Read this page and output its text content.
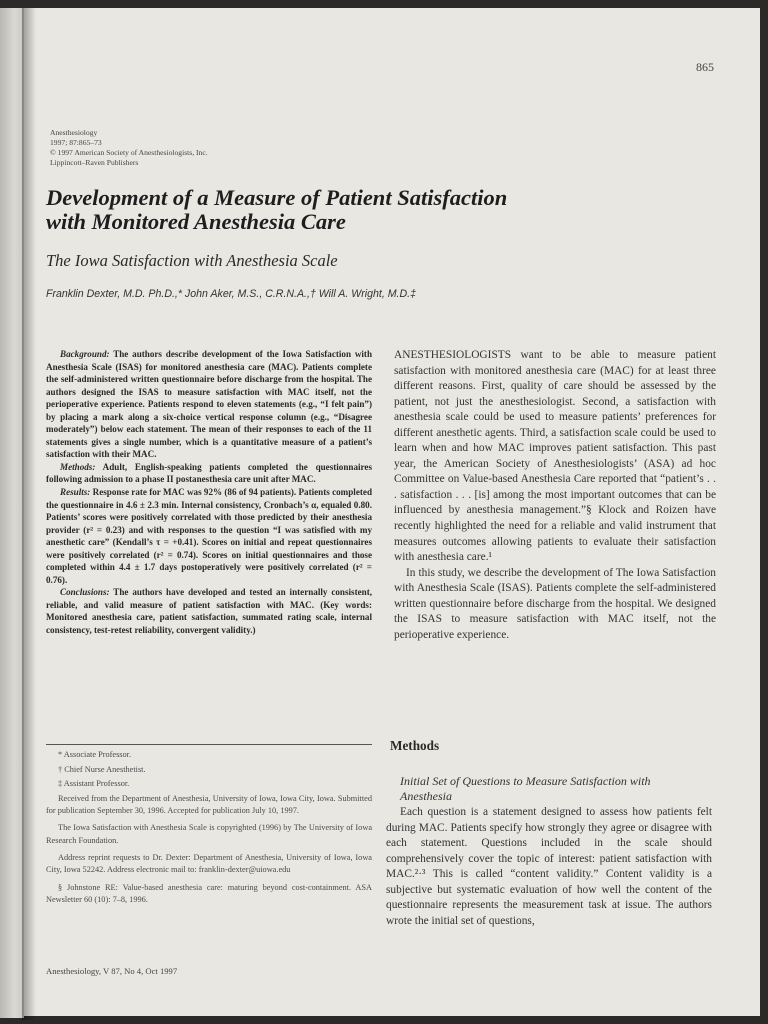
865
Anesthesiology
1997; 87:865–73
© 1997 American Society of Anesthesiologists, Inc.
Lippincott–Raven Publishers
Development of a Measure of Patient Satisfaction
with Monitored Anesthesia Care
The Iowa Satisfaction with Anesthesia Scale
Franklin Dexter, M.D. Ph.D.,* John Aker, M.S., C.R.N.A.,† Will A. Wright, M.D.‡

Background: The authors describe development of the Iowa Satisfaction with Anesthesia Scale (ISAS) for monitored anesthesia care (MAC). Patients complete the self-administered written questionnaire before discharge from the hospital. The authors designed the ISAS to measure satisfaction with MAC itself, not the perioperative experience. Patients respond to eleven statements (e.g., “I felt pain”) by placing a mark along a six-choice vertical response column (e.g., “Disagree moderately”) below each statement. The mean of their responses to each of the 11 statements gives a single number, which is a quantitative measure of a patient’s satisfaction with their MAC.

Methods: Adult, English-speaking patients completed the questionnaires following admission to a phase II postanesthesia care unit after MAC.

Results: Response rate for MAC was 92% (86 of 94 patients). Patients completed the questionnaire in 4.6 ± 2.3 min. Internal consistency, Cronbach’s α, equaled 0.80. Patients’ scores were positively correlated with those predicted by their anesthesia provider (r² = 0.23) and with responses to the question “I was satisfied with my anesthetic care” (Kendall’s τ = +0.41). Scores on initial and repeat questionnaires were positively correlated (r² = 0.74). Scores on initial questionnaires and those completed within 4.4 ± 1.7 days postoperatively were positively correlated (r² = 0.76).

Conclusions: The authors have developed and tested an internally consistent, reliable, and valid measure of patient satisfaction with MAC. (Key words: Monitored anesthesia care, patient satisfaction, summated rating scale, internal consistency, test-retest reliability, convergent validity.)

* Associate Professor.

† Chief Nurse Anesthetist.

‡ Assistant Professor.

Received from the Department of Anesthesia, University of Iowa, Iowa City, Iowa. Submitted for publication September 30, 1996. Accepted for publication July 10, 1997.

The Iowa Satisfaction with Anesthesia Scale is copyrighted (1996) by The University of Iowa Research Foundation.

Address reprint requests to Dr. Dexter: Department of Anesthesia, University of Iowa, Iowa City, Iowa 52242. Address electronic mail to: franklin-dexter@uiowa.edu

§ Johnstone RE: Value-based anesthesia care: maturing beyond cost-containment. ASA Newsletter 60 (10): 7–8, 1996.

ANESTHESIOLOGISTS want to be able to measure patient satisfaction with monitored anesthesia care (MAC) for at least three different reasons. First, quality of care should be assessed by the patient, not just the anesthesiologist. Second, a satisfaction with anesthesia scale could be used to measure patients’ preferences for different anesthetic agents. Third, a satisfaction scale could be used to learn when and how MAC improves patient satisfaction. This past year, the American Society of Anesthesiologists’ (ASA) ad hoc Committee on Value-based Anesthesia Care reported that “patient’s . . . satisfaction . . . [is] among the most important outcomes that can be influenced by anesthesia management.”§ Klock and Roizen have recently highlighted the need for a reliable and valid instrument that measures outcomes allowing patients to evaluate their satisfaction with anesthesia care.¹

In this study, we describe the development of The Iowa Satisfaction with Anesthesia Scale (ISAS). Patients complete the self-administered written questionnaire before discharge from the hospital. We designed the ISAS to measure satisfaction with MAC itself, not the perioperative experience.

Methods
Initial Set of Questions to Measure Satisfaction with Anesthesia

Each question is a statement designed to assess how patients felt during MAC. Patients specify how strongly they agree or disagree with each statement. Questions included in the scale should comprehensively cover the topic of interest: patient satisfaction with MAC.²·³ This is called “content validity.” Content validity is a subjective but systematic evaluation of how well the content of the questionnaire represents the measurement task at issue. The authors wrote the initial set of questions,

Anesthesiology, V 87, No 4, Oct 1997
